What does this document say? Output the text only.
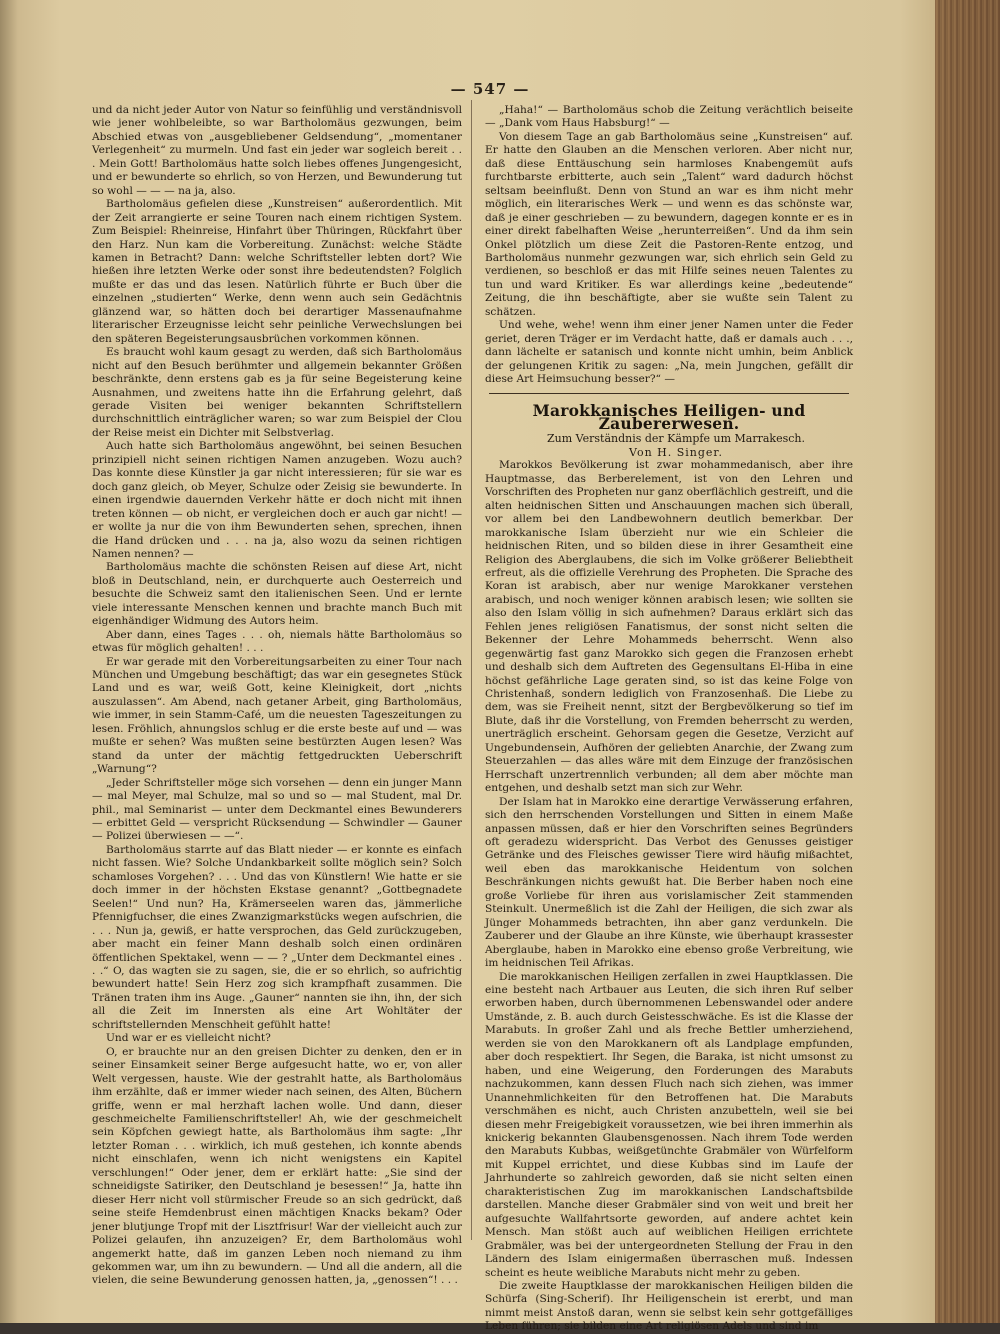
— 547 —

und da nicht jeder Autor von Natur so feinfühlig und verständnisvoll wie jener wohlbeleibte, so war Bartholomäus gezwungen, beim Abschied etwas von „ausgebliebener Geldsendung“, „momentaner Verlegenheit“ zu murmeln. Und fast ein jeder war sogleich bereit . . . Mein Gott! Bartholomäus hatte solch liebes offenes Jungengesicht, und er bewunderte so ehrlich, so von Herzen, und Bewunderung tut so wohl — — — na ja, also.

Bartholomäus gefielen diese „Kunstreisen“ außerordentlich. Mit der Zeit arrangierte er seine Touren nach einem richtigen System. Zum Beispiel: Rheinreise, Hinfahrt über Thüringen, Rückfahrt über den Harz. Nun kam die Vorbereitung. Zunächst: welche Städte kamen in Betracht? Dann: welche Schriftsteller lebten dort? Wie hießen ihre letzten Werke oder sonst ihre bedeutendsten? Folglich mußte er das und das lesen. Natürlich führte er Buch über die einzelnen „studierten“ Werke, denn wenn auch sein Gedächtnis glänzend war, so hätten doch bei derartiger Massenaufnahme literarischer Erzeugnisse leicht sehr peinliche Verwechslungen bei den späteren Begeisterungsausbrüchen vorkommen können.

Es braucht wohl kaum gesagt zu werden, daß sich Bartholomäus nicht auf den Besuch berühmter und allgemein bekannter Größen beschränkte, denn erstens gab es ja für seine Begeisterung keine Ausnahmen, und zweitens hatte ihn die Erfahrung gelehrt, daß gerade Visiten bei weniger bekannten Schriftstellern durchschnittlich einträglicher waren; so war zum Beispiel der Clou der Reise meist ein Dichter mit Selbstverlag.

Auch hatte sich Bartholomäus angewöhnt, bei seinen Besuchen prinzipiell nicht seinen richtigen Namen anzugeben. Wozu auch? Das konnte diese Künstler ja gar nicht interessieren; für sie war es doch ganz gleich, ob Meyer, Schulze oder Zeisig sie bewunderte. In einen irgendwie dauernden Verkehr hätte er doch nicht mit ihnen treten können — ob nicht, er vergleichen doch er auch gar nicht! — er wollte ja nur die von ihm Bewunderten sehen, sprechen, ihnen die Hand drücken und . . . na ja, also wozu da seinen richtigen Namen nennen? —

Bartholomäus machte die schönsten Reisen auf diese Art, nicht bloß in Deutschland, nein, er durchquerte auch Oesterreich und besuchte die Schweiz samt den italienischen Seen. Und er lernte viele interessante Menschen kennen und brachte manch Buch mit eigenhändiger Widmung des Autors heim.

Aber dann, eines Tages . . . oh, niemals hätte Bartholomäus so etwas für möglich gehalten! . . .

Er war gerade mit den Vorbereitungsarbeiten zu einer Tour nach München und Umgebung beschäftigt; das war ein gesegnetes Stück Land und es war, weiß Gott, keine Kleinigkeit, dort „nichts auszulassen“. Am Abend, nach getaner Arbeit, ging Bartholomäus, wie immer, in sein Stamm-Café, um die neuesten Tageszeitungen zu lesen. Fröhlich, ahnungslos schlug er die erste beste auf und — was mußte er sehen? Was mußten seine bestürzten Augen lesen? Was stand da unter der mächtig fettgedruckten Ueberschrift „Warnung“?

„Jeder Schriftsteller möge sich vorsehen — denn ein junger Mann — mal Meyer, mal Schulze, mal so und so — mal Student, mal Dr. phil., mal Seminarist — unter dem Deckmantel eines Bewunderers — erbittet Geld — verspricht Rücksendung — Schwindler — Gauner — Polizei überwiesen — —“.

Bartholomäus starrte auf das Blatt nieder — er konnte es einfach nicht fassen. Wie? Solche Undankbarkeit sollte möglich sein? Solch schamloses Vorgehen? . . . Und das von Künstlern! Wie hatte er sie doch immer in der höchsten Ekstase genannt? „Gottbegnadete Seelen!“ Und nun? Ha, Krämerseelen waren das, jämmerliche Pfennigfuchser, die eines Zwanzigmarkstücks wegen aufschrien, die . . . Nun ja, gewiß, er hatte versprochen, das Geld zurückzugeben, aber macht ein feiner Mann deshalb solch einen ordinären öffentlichen Spektakel, wenn — — ? „Unter dem Deckmantel eines . . .“ O, das wagten sie zu sagen, sie, die er so ehrlich, so aufrichtig bewundert hatte! Sein Herz zog sich krampfhaft zusammen. Die Tränen traten ihm ins Auge. „Gauner“ nannten sie ihn, ihn, der sich all die Zeit im Innersten als eine Art Wohltäter der schriftstellernden Menschheit gefühlt hatte!

Und war er es vielleicht nicht?

O, er brauchte nur an den greisen Dichter zu denken, den er in seiner Einsamkeit seiner Berge aufgesucht hatte, wo er, von aller Welt vergessen, hauste. Wie der gestrahlt hatte, als Bartholomäus ihm erzählte, daß er immer wieder nach seinen, des Alten, Büchern griffe, wenn er mal herzhaft lachen wolle. Und dann, dieser geschmeichelte Familienschriftsteller! Ah, wie der geschmeichelt sein Köpfchen gewiegt hatte, als Bartholomäus ihm sagte: „Ihr letzter Roman . . . wirklich, ich muß gestehen, ich konnte abends nicht einschlafen, wenn ich nicht wenigstens ein Kapitel verschlungen!“ Oder jener, dem er erklärt hatte: „Sie sind der schneidigste Satiriker, den Deutschland je besessen!“ Ja, hatte ihn dieser Herr nicht voll stürmischer Freude so an sich gedrückt, daß seine steife Hemdenbrust einen mächtigen Knacks bekam? Oder jener blutjunge Tropf mit der Lisztfrisur! War der vielleicht auch zur Polizei gelaufen, ihn anzuzeigen? Er, dem Bartholomäus wohl angemerkt hatte, daß im ganzen Leben noch niemand zu ihm gekommen war, um ihn zu bewundern. — Und all die andern, all die vielen, die seine Bewunderung genossen hatten, ja, „genossen“! . . .

„Haha!“ — Bartholomäus schob die Zeitung verächtlich beiseite — „Dank vom Haus Habsburg!“ —

Von diesem Tage an gab Bartholomäus seine „Kunstreisen“ auf. Er hatte den Glauben an die Menschen verloren. Aber nicht nur, daß diese Enttäuschung sein harmloses Knabengemüt aufs furchtbarste erbitterte, auch sein „Talent“ ward dadurch höchst seltsam beeinflußt. Denn von Stund an war es ihm nicht mehr möglich, ein literarisches Werk — und wenn es das schönste war, daß je einer geschrieben — zu bewundern, dagegen konnte er es in einer direkt fabelhaften Weise „herunterreißen“. Und da ihm sein Onkel plötzlich um diese Zeit die Pastoren-Rente entzog, und Bartholomäus nunmehr gezwungen war, sich ehrlich sein Geld zu verdienen, so beschloß er das mit Hilfe seines neuen Talentes zu tun und ward Kritiker. Es war allerdings keine „bedeutende“ Zeitung, die ihn beschäftigte, aber sie wußte sein Talent zu schätzen.

Und wehe, wehe! wenn ihm einer jener Namen unter die Feder geriet, deren Träger er im Verdacht hatte, daß er damals auch . . ., dann lächelte er satanisch und konnte nicht umhin, beim Anblick der gelungenen Kritik zu sagen: „Na, mein Jungchen, gefällt dir diese Art Heimsuchung besser?“ —

Marokkanisches Heiligen- und Zaubererwesen.

Zum Verständnis der Kämpfe um Marrakesch.

Von H. Singer.

Marokkos Bevölkerung ist zwar mohammedanisch, aber ihre Hauptmasse, das Berberelement, ist von den Lehren und Vorschriften des Propheten nur ganz oberflächlich gestreift, und die alten heidnischen Sitten und Anschauungen machen sich überall, vor allem bei den Landbewohnern deutlich bemerkbar. Der marokkanische Islam überzieht nur wie ein Schleier die heidnischen Riten, und so bilden diese in ihrer Gesamtheit eine Religion des Aberglaubens, die sich im Volke größerer Beliebtheit erfreut, als die offizielle Verehrung des Propheten. Die Sprache des Koran ist arabisch, aber nur wenige Marokkaner verstehen arabisch, und noch weniger können arabisch lesen; wie sollten sie also den Islam völlig in sich aufnehmen? Daraus erklärt sich das Fehlen jenes religiösen Fanatismus, der sonst nicht selten die Bekenner der Lehre Mohammeds beherrscht. Wenn also gegenwärtig fast ganz Marokko sich gegen die Franzosen erhebt und deshalb sich dem Auftreten des Gegensultans El-Hiba in eine höchst gefährliche Lage geraten sind, so ist das keine Folge von Christenhaß, sondern lediglich von Franzosenhaß. Die Liebe zu dem, was sie Freiheit nennt, sitzt der Bergbevölkerung so tief im Blute, daß ihr die Vorstellung, von Fremden beherrscht zu werden, unerträglich erscheint. Gehorsam gegen die Gesetze, Verzicht auf Ungebundensein, Aufhören der geliebten Anarchie, der Zwang zum Steuerzahlen — das alles wäre mit dem Einzuge der französischen Herrschaft unzertrennlich verbunden; all dem aber möchte man entgehen, und deshalb setzt man sich zur Wehr.

Der Islam hat in Marokko eine derartige Verwässerung erfahren, sich den herrschenden Vorstellungen und Sitten in einem Maße anpassen müssen, daß er hier den Vorschriften seines Begründers oft geradezu widerspricht. Das Verbot des Genusses geistiger Getränke und des Fleisches gewisser Tiere wird häufig mißachtet, weil eben das marokkanische Heidentum von solchen Beschränkungen nichts gewußt hat. Die Berber haben noch eine große Vorliebe für ihren aus vorislamischer Zeit stammenden Steinkult. Unermeßlich ist die Zahl der Heiligen, die sich zwar als Jünger Mohammeds betrachten, ihn aber ganz verdunkeln. Die Zauberer und der Glaube an ihre Künste, wie überhaupt krassester Aberglaube, haben in Marokko eine ebenso große Verbreitung, wie im heidnischen Teil Afrikas.

Die marokkanischen Heiligen zerfallen in zwei Hauptklassen. Die eine besteht nach Artbauer aus Leuten, die sich ihren Ruf selber erworben haben, durch übernommenen Lebenswandel oder andere Umstände, z. B. auch durch Geistesschwäche. Es ist die Klasse der Marabuts. In großer Zahl und als freche Bettler umherziehend, werden sie von den Marokkanern oft als Landplage empfunden, aber doch respektiert. Ihr Segen, die Baraka, ist nicht umsonst zu haben, und eine Weigerung, den Forderungen des Marabuts nachzukommen, kann dessen Fluch nach sich ziehen, was immer Unannehmlichkeiten für den Betroffenen hat. Die Marabuts verschmähen es nicht, auch Christen anzubetteln, weil sie bei diesen mehr Freigebigkeit voraussetzen, wie bei ihren immerhin als knickerig bekannten Glaubensgenossen. Nach ihrem Tode werden den Marabuts Kubbas, weißgetünchte Grabmäler von Würfelform mit Kuppel errichtet, und diese Kubbas sind im Laufe der Jahrhunderte so zahlreich geworden, daß sie nicht selten einen charakteristischen Zug im marokkanischen Landschaftsbilde darstellen. Manche dieser Grabmäler sind von weit und breit her aufgesuchte Wallfahrtsorte geworden, auf andere achtet kein Mensch. Man stößt auch auf weiblichen Heiligen errichtete Grabmäler, was bei der untergeordneten Stellung der Frau in den Ländern des Islam einigermaßen überraschen muß. Indessen scheint es heute weibliche Marabuts nicht mehr zu geben.

Die zweite Hauptklasse der marokkanischen Heiligen bilden die Schürfa (Sing-Scherif). Ihr Heiligenschein ist ererbt, und man nimmt meist Anstoß daran, wenn sie selbst kein sehr gottgefälliges Leben führen; sie bilden eine Art religiösen Adels und sind im
